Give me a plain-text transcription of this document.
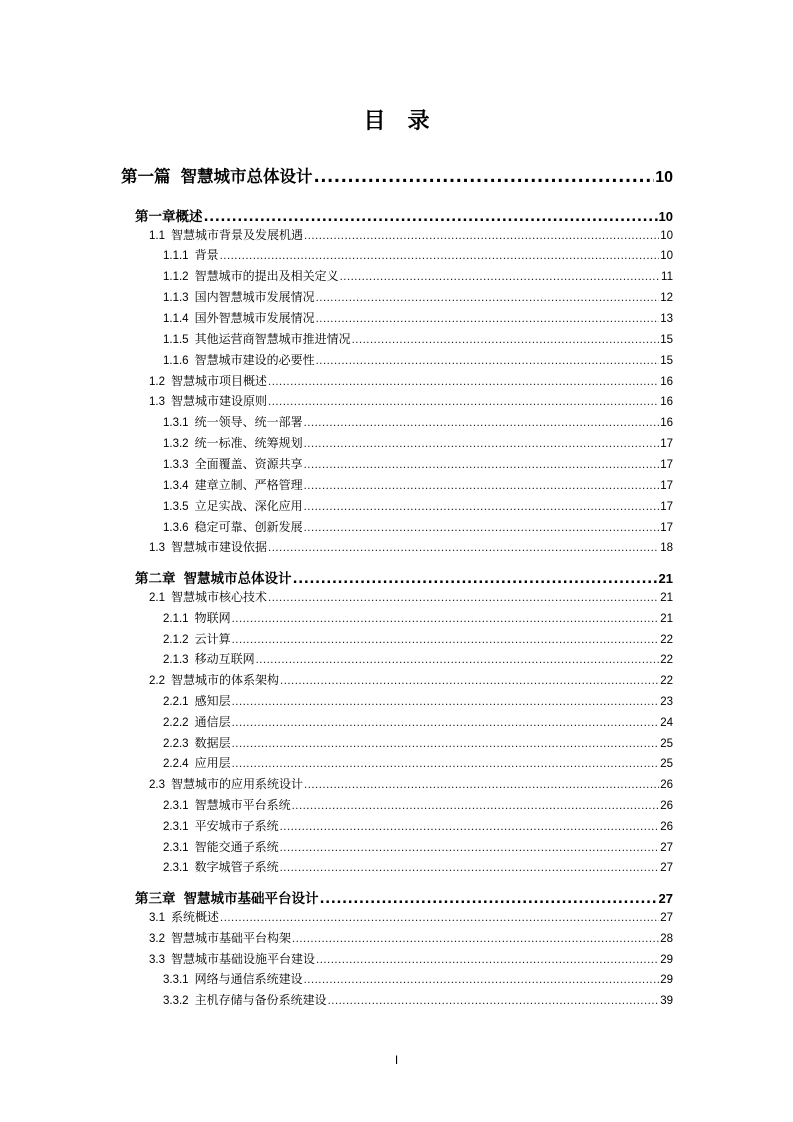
目 录
第一篇 智慧城市总体设计 .....	10
第一章概述 .....	10
1.1 智慧城市背景及发展机遇 .....	10
1.1.1 背景 .....	10
1.1.2 智慧城市的提出及相关定义 .....	11
1.1.3 国内智慧城市发展情况 .....	12
1.1.4 国外智慧城市发展情况 .....	13
1.1.5 其他运营商智慧城市推进情况 .....	15
1.1.6 智慧城市建设的必要性 .....	15
1.2 智慧城市项目概述 .....	16
1.3 智慧城市建设原则 .....	16
1.3.1 统一领导、统一部署 .....	16
1.3.2 统一标准、统筹规划 .....	17
1.3.3 全面覆盖、资源共享 .....	17
1.3.4 建章立制、严格管理 .....	17
1.3.5 立足实战、深化应用 .....	17
1.3.6 稳定可靠、创新发展 .....	17
1.3 智慧城市建设依据 .....	18
第二章 智慧城市总体设计 .....	21
2.1 智慧城市核心技术 .....	21
2.1.1 物联网 .....	21
2.1.2 云计算 .....	22
2.1.3 移动互联网 .....	22
2.2 智慧城市的体系架构 .....	22
2.2.1 感知层 .....	23
2.2.2 通信层 .....	24
2.2.3 数据层 .....	25
2.2.4 应用层 .....	25
2.3 智慧城市的应用系统设计 .....	26
2.3.1 智慧城市平台系统 .....	26
2.3.1 平安城市子系统 .....	26
2.3.1 智能交通子系统 .....	27
2.3.1 数字城管子系统 .....	27
第三章 智慧城市基础平台设计 .....	27
3.1 系统概述 .....	27
3.2 智慧城市基础平台构架 .....	28
3.3 智慧城市基础设施平台建设 .....	29
3.3.1 网络与通信系统建设 .....	29
3.3.2 主机存储与备份系统建设 .....	39
I
